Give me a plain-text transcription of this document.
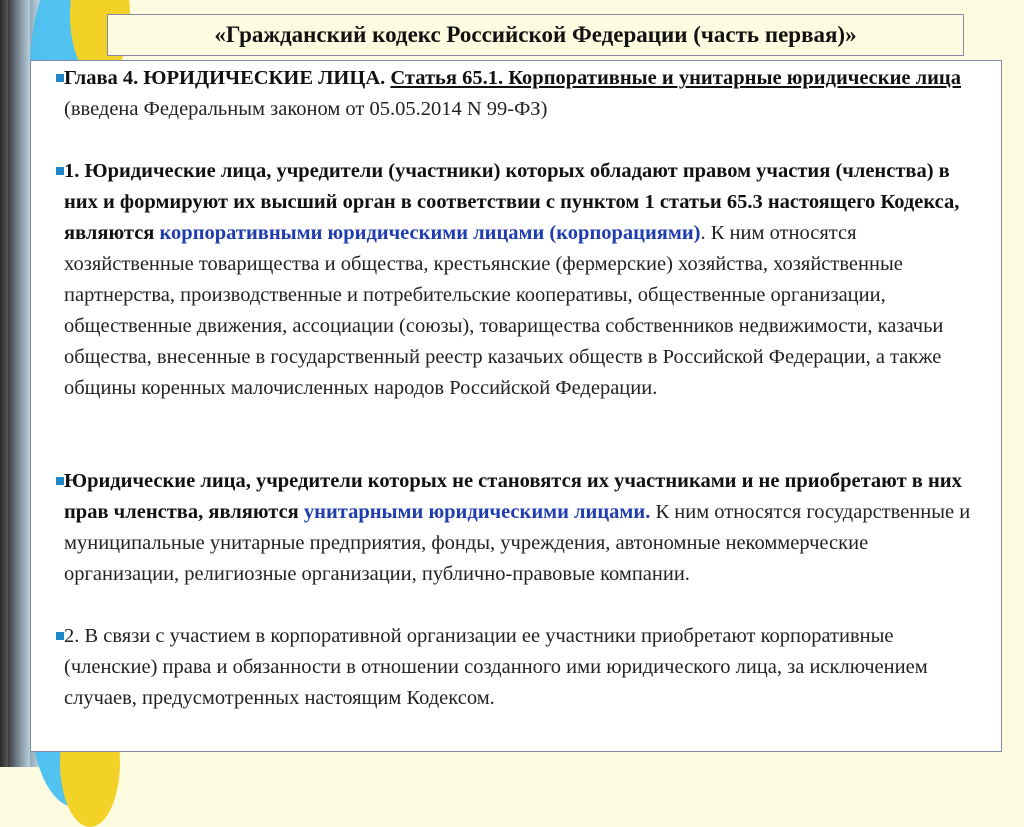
«Гражданский кодекс Российской Федерации (часть первая)»
Глава 4. ЮРИДИЧЕСКИЕ ЛИЦА. Статья 65.1. Корпоративные и унитарные юридические лица (введена Федеральным законом от 05.05.2014 N 99-ФЗ)
1. Юридические лица, учредители (участники) которых обладают правом участия (членства) в них и формируют их высший орган в соответствии с пунктом 1 статьи 65.3 настоящего Кодекса, являются корпоративными юридическими лицами (корпорациями). К ним относятся хозяйственные товарищества и общества, крестьянские (фермерские) хозяйства, хозяйственные партнерства, производственные и потребительские кооперативы, общественные организации, общественные движения, ассоциации (союзы), товарищества собственников недвижимости, казачьи общества, внесенные в государственный реестр казачьих обществ в Российской Федерации, а также общины коренных малочисленных народов Российской Федерации.
Юридические лица, учредители которых не становятся их участниками и не приобретают в них прав членства, являются унитарными юридическими лицами. К ним относятся государственные и муниципальные унитарные предприятия, фонды, учреждения, автономные некоммерческие организации, религиозные организации, публично-правовые компании.
2. В связи с участием в корпоративной организации ее участники приобретают корпоративные (членские) права и обязанности в отношении созданного ими юридического лица, за исключением случаев, предусмотренных настоящим Кодексом.
